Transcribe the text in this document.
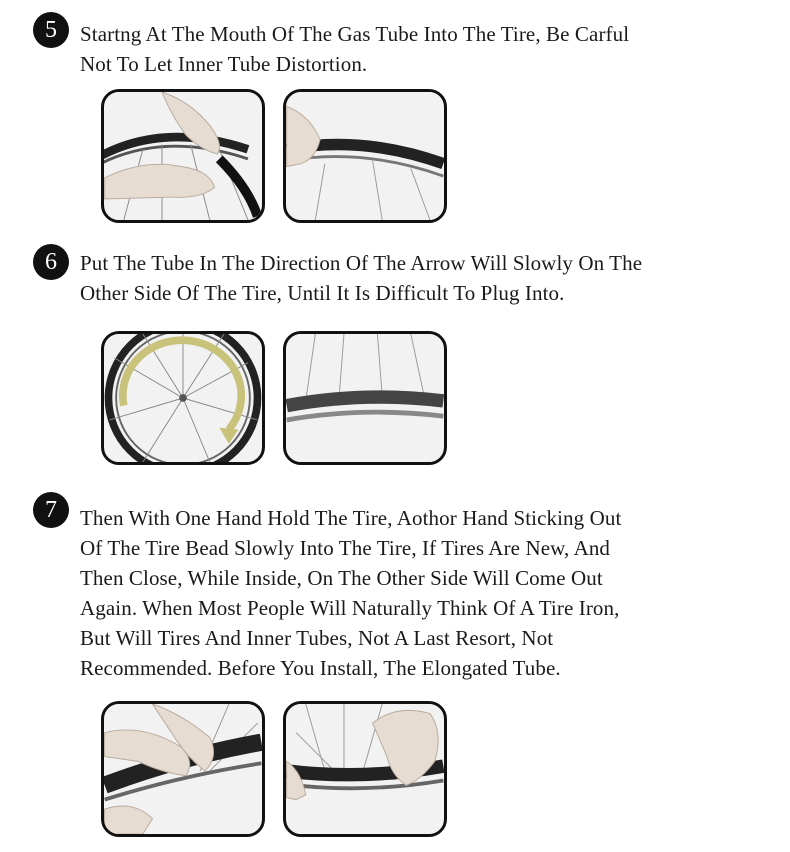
5	Startng At The Mouth Of The Gas Tube Into The Tire, Be Carful
Not To Let Inner Tube Distortion.
6	Put The Tube In The Direction Of The Arrow Will Slowly On The
Other Side Of The Tire, Until It Is Difficult To Plug Into.
7	Then With One Hand Hold The Tire, Aothor Hand Sticking Out
Of The Tire Bead Slowly Into The Tire, If Tires Are New, And
Then Close, While Inside, On The Other Side Will Come Out
Again. When Most People Will Naturally Think Of A Tire Iron,
But Will Tires And Inner Tubes, Not A Last Resort, Not
Recommended. Before You Install, The Elongated Tube.
